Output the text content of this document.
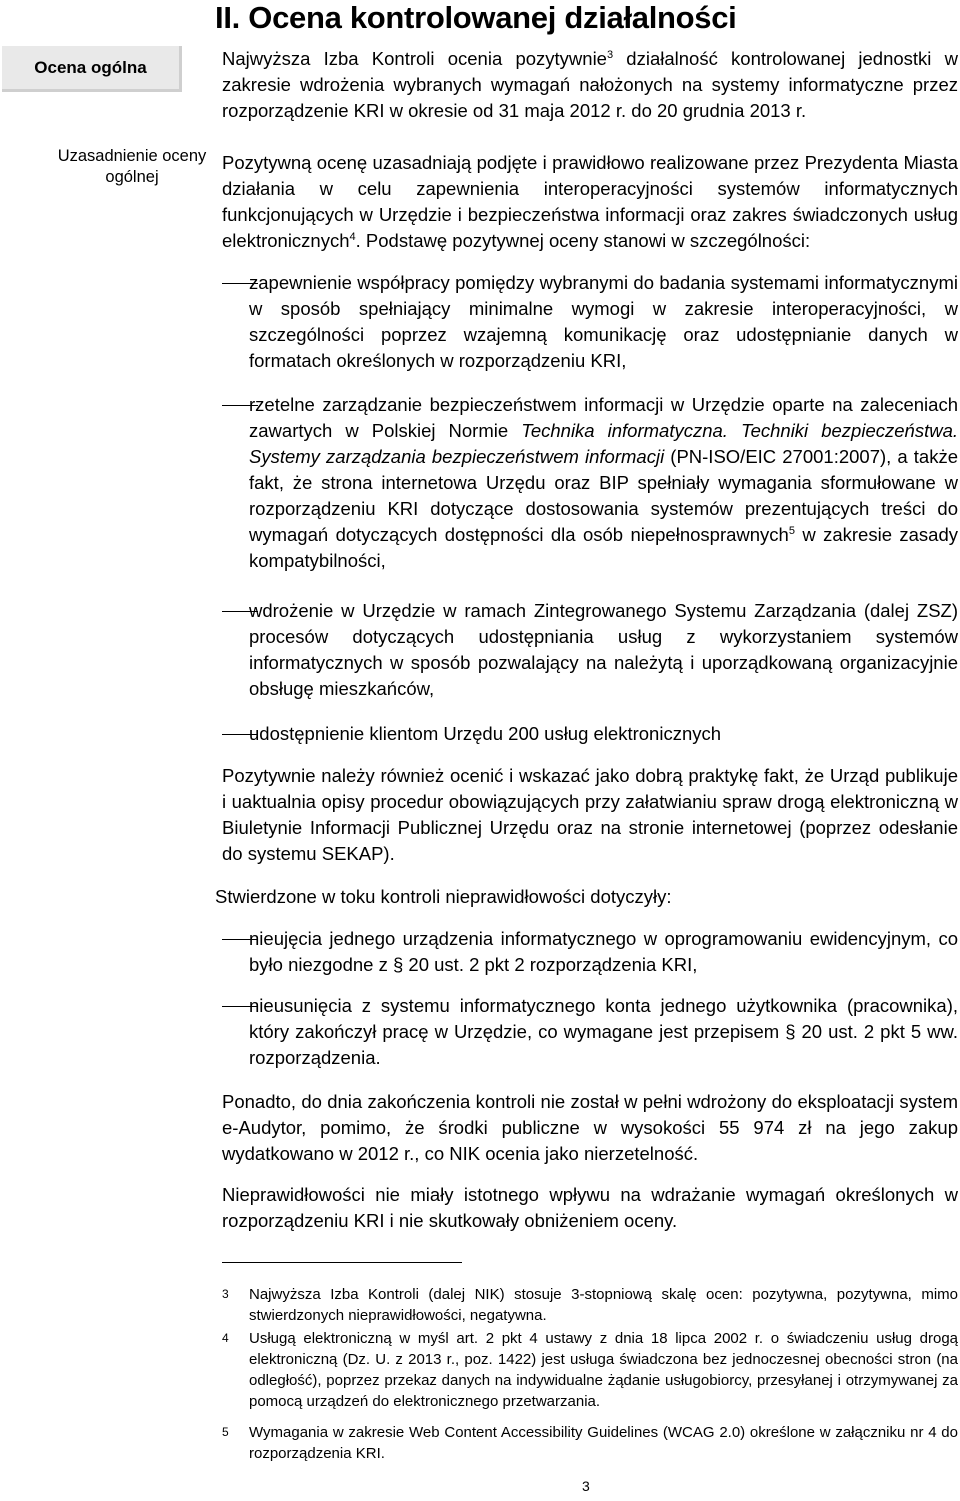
II. Ocena kontrolowanej działalności
Ocena ogólna
Uzasadnienie oceny ogólnej
Najwyższa Izba Kontroli ocenia pozytywnie$^3$ działalność kontrolowanej jednostki w zakresie wdrożenia wybranych wymagań nałożonych na systemy informatyczne przez rozporządzenie KRI w okresie od 31 maja 2012 r. do 20 grudnia 2013 r.
Pozytywną ocenę uzasadniają podjęte i prawidłowo realizowane przez Prezydenta Miasta działania w celu zapewnienia interoperacyjności systemów informatycznych funkcjonujących w Urzędzie i bezpieczeństwa informacji oraz zakres świadczonych usług elektronicznych$^4$. Podstawę pozytywnej oceny stanowi w szczególności:
zapewnienie współpracy pomiędzy wybranymi do badania systemami informatycznymi w sposób spełniający minimalne wymogi w zakresie interoperacyjności, w szczególności poprzez wzajemną komunikację oraz udostępnianie danych w formatach określonych w rozporządzeniu KRI,
rzetelne zarządzanie bezpieczeństwem informacji w Urzędzie oparte na zaleceniach zawartych w Polskiej Normie Technika informatyczna. Techniki bezpieczeństwa. Systemy zarządzania bezpieczeństwem informacji (PN-ISO/EIC 27001:2007), a także fakt, że strona internetowa Urzędu oraz BIP spełniały wymagania sformułowane w rozporządzeniu KRI dotyczące dostosowania systemów prezentujących treści do wymagań dotyczących dostępności dla osób niepełnosprawnych$^5$ w zakresie zasady kompatybilności,
wdrożenie w Urzędzie w ramach Zintegrowanego Systemu Zarządzania (dalej ZSZ) procesów dotyczących udostępniania usług z wykorzystaniem systemów informatycznych w sposób pozwalający na należytą i uporządkowaną organizacyjnie obsługę mieszkańców,
udostępnienie klientom Urzędu 200 usług elektronicznych
Pozytywnie należy również ocenić i wskazać jako dobrą praktykę fakt, że Urząd publikuje i uaktualnia opisy procedur obowiązujących przy załatwianiu spraw drogą elektroniczną w Biuletynie Informacji Publicznej Urzędu oraz na stronie internetowej (poprzez odesłanie do systemu SEKAP).
Stwierdzone w toku kontroli nieprawidłowości dotyczyły:
nieujęcia jednego urządzenia informatycznego w oprogramowaniu ewidencyjnym, co było niezgodne z § 20 ust. 2 pkt 2 rozporządzenia KRI,
nieusunięcia z systemu informatycznego konta jednego użytkownika (pracownika), który zakończył pracę w Urzędzie, co wymagane jest przepisem § 20 ust. 2 pkt 5 ww. rozporządzenia.
Ponadto, do dnia zakończenia kontroli nie został w pełni wdrożony do eksploatacji system e-Audytor, pomimo, że środki publiczne w wysokości 55 974 zł na jego zakup wydatkowano w 2012 r., co NIK ocenia jako nierzetelność.
Nieprawidłowości nie miały istotnego wpływu na wdrażanie wymagań określonych w rozporządzeniu KRI i nie skutkowały obniżeniem oceny.
3 Najwyższa Izba Kontroli (dalej NIK) stosuje 3-stopniową skalę ocen: pozytywna, pozytywna, mimo stwierdzonych nieprawidłowości, negatywna.
4 Usługą elektroniczną w myśl art. 2 pkt 4 ustawy z dnia 18 lipca 2002 r. o świadczeniu usług drogą elektroniczną (Dz. U. z 2013 r., poz. 1422) jest usługa świadczona bez jednoczesnej obecności stron (na odległość), poprzez przekaz danych na indywidualne żądanie usługobiorcy, przesyłanej i otrzymywanej za pomocą urządzeń do elektronicznego przetwarzania.
5 Wymagania w zakresie Web Content Accessibility Guidelines (WCAG 2.0) określone w załączniku nr 4 do rozporządzenia KRI.
3
